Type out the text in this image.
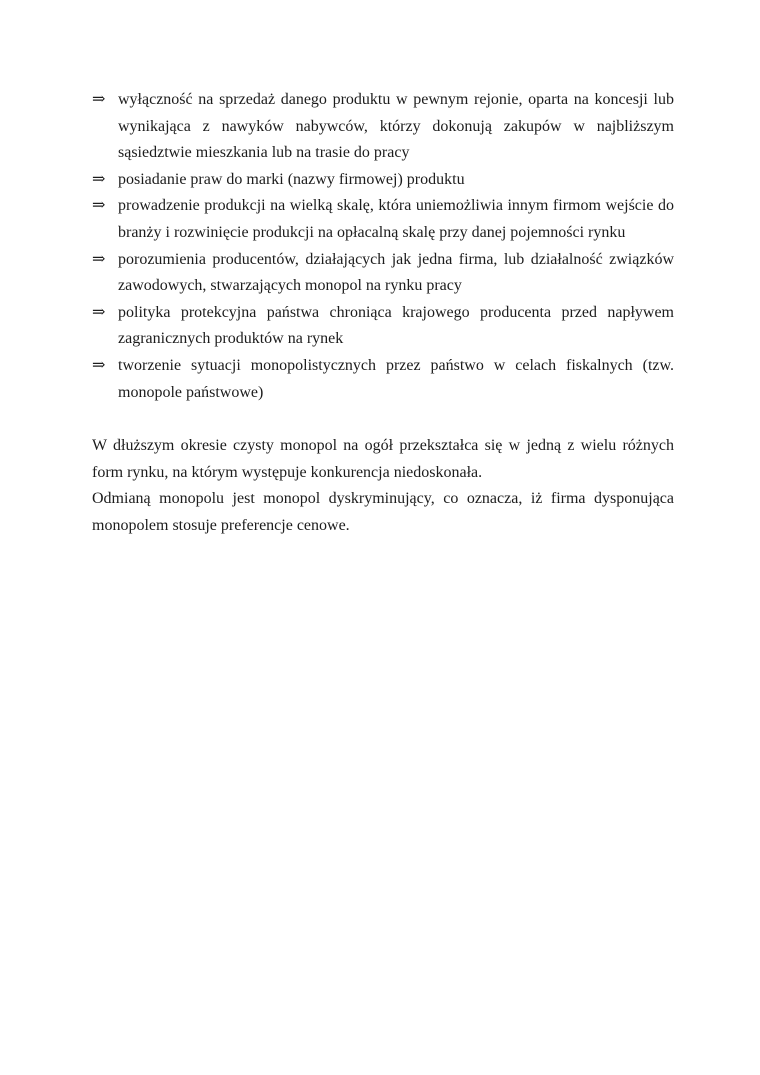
⇒ wyłączność na sprzedaż danego produktu w pewnym rejonie, oparta na koncesji lub wynikająca z nawyków nabywców, którzy dokonują zakupów w najbliższym sąsiedztwie mieszkania lub na trasie do pracy
⇒ posiadanie praw do marki (nazwy firmowej) produktu
⇒ prowadzenie produkcji na wielką skalę, która uniemożliwia innym firmom wejście do branży i rozwinięcie produkcji na opłacalną skalę przy danej pojemności rynku
⇒ porozumienia producentów, działających jak jedna firma, lub działalność związków zawodowych, stwarzających monopol na rynku pracy
⇒ polityka protekcyjna państwa chroniąca krajowego producenta przed napływem zagranicznych produktów na rynek
⇒ tworzenie sytuacji monopolistycznych przez państwo w celach fiskalnych (tzw. monopole państwowe)

W dłuższym okresie czysty monopol na ogół przekształca się w jedną z wielu różnych form rynku, na którym występuje konkurencja niedoskonała.

Odmianą monopolu jest monopol dyskryminujący, co oznacza, iż firma dysponująca monopolem stosuje preferencje cenowe.
